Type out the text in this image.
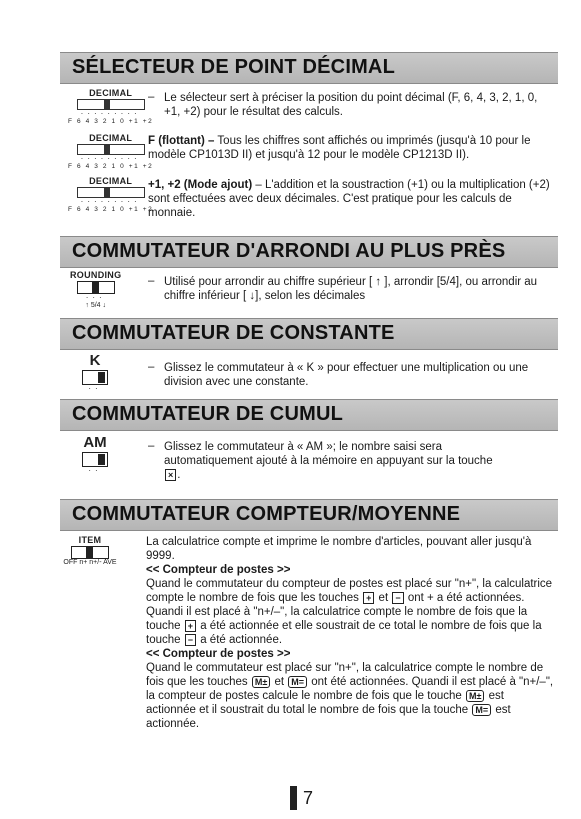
SÉLECTEUR DE POINT DÉCIMAL
DECIMAL
·········
F 6 4 3 2 1 0 +1 +2
– Le sélecteur sert à préciser la position du point décimal (F, 6, 4, 3, 2, 1, 0, +1, +2) pour le résultat des calculs.
DECIMAL
·········
F 6 4 3 2 1 0 +1 +2
F (flottant) – Tous les chiffres sont affichés ou imprimés (jusqu'à 10 pour le modèle CP1013D II) et jusqu'à 12 pour le modèle CP1213D II).
DECIMAL
·········
F 6 4 3 2 1 0 +1 +2
+1, +2 (Mode ajout) – L'addition et la soustraction (+1) ou la multiplication (+2) sont effectuées avec deux décimales. C'est pratique pour les calculs de monnaie.
COMMUTATEUR D'ARRONDI AU PLUS PRÈS
ROUNDING
···
↑ 5/4 ↓
– Utilisé pour arrondir au chiffre supérieur [ ↑ ], arrondir [5/4], ou arrondir au chiffre inférieur [ ↓], selon les décimales
COMMUTATEUR DE CONSTANTE
K
··
– Glissez le commutateur à « K » pour effectuer une multiplication ou une division avec une constante.
COMMUTATEUR DE CUMUL
AM
··
– Glissez le commutateur à « AM »; le nombre saisi sera automatiquement ajouté à la mémoire en appuyant sur la touche × .
COMMUTATEUR COMPTEUR/MOYENNE
ITEM
OFF n+ n+/- AVE
La calculatrice compte et imprime le nombre d'articles, pouvant aller jusqu'à 9999.
<< Compteur de postes >>
Quand le commutateur du compteur de postes est placé sur "n+", la calculatrice compte le nombre de fois que les touches + et − ont + a été actionnées. Quandi il est placé à "n+/–", la calculatrice compte le nombre de fois que la touche + a été actionnée et elle soustrait de ce total le nombre de fois que la touche − a été actionnée.
<< Compteur de postes >>
Quand le commutateur est placé sur "n+", la calculatrice compte le nombre de fois que les touches M± et M= ont été actionnées. Quandi il est placé à "n+/–", la compteur de postes calcule le nombre de fois que le touche M± est actionnée et il soustrait du total le nombre de fois que la touche M= est actionnée.
7
